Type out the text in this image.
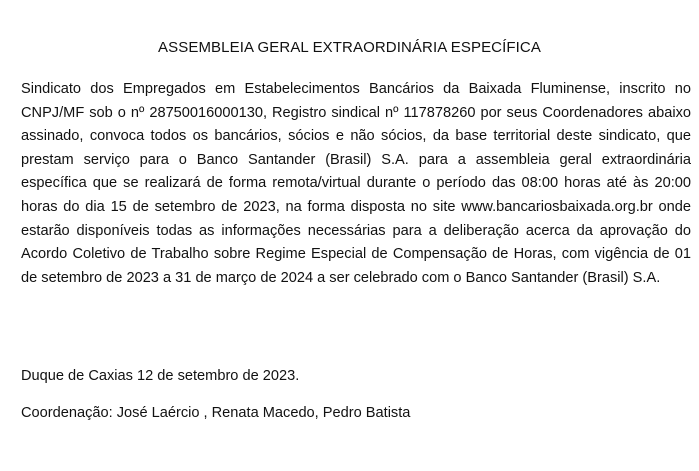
ASSEMBLEIA GERAL EXTRAORDINÁRIA ESPECÍFICA

Sindicato dos Empregados em Estabelecimentos Bancários da Baixada Fluminense, inscrito no CNPJ/MF sob o nº 28750016000130, Registro sindical nº 117878260 por seus Coordenadores abaixo assinado, convoca todos os bancários, sócios e não sócios, da base territorial deste sindicato, que prestam serviço para o Banco Santander (Brasil) S.A. para a assembleia geral extraordinária específica que se realizará de forma remota/virtual durante o período das 08:00 horas até às 20:00 horas do dia 15 de setembro de 2023, na forma disposta no site www.bancariosbaixada.org.br onde estarão disponíveis todas as informações necessárias para a deliberação acerca da aprovação do Acordo Coletivo de Trabalho sobre Regime Especial de Compensação de Horas, com vigência de 01 de setembro de 2023 a 31 de março de 2024 a ser celebrado com o Banco Santander (Brasil) S.A.

Duque de Caxias 12 de setembro de 2023.

Coordenação: José Laércio , Renata Macedo, Pedro Batista
